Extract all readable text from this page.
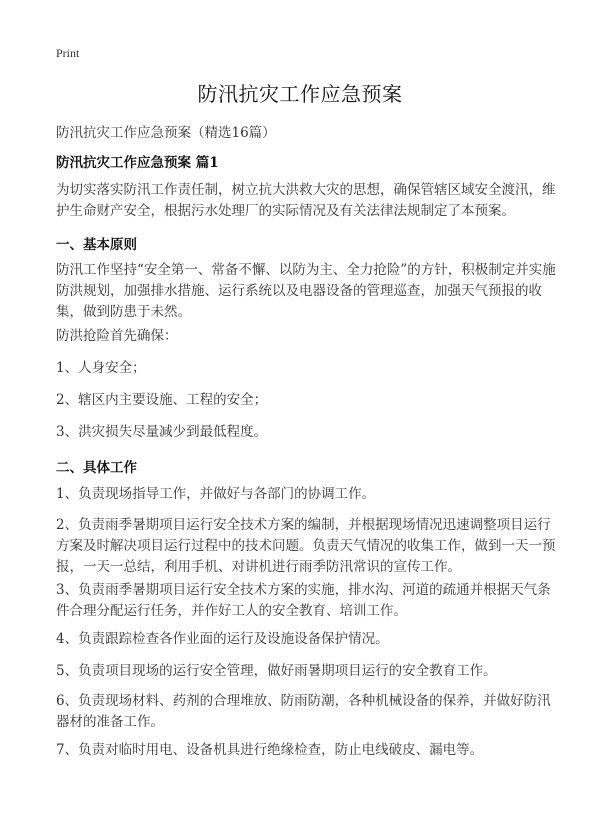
Print
防汛抗灾工作应急预案
防汛抗灾工作应急预案（精选16篇）
防汛抗灾工作应急预案 篇1
为切实落实防汛工作责任制，树立抗大洪救大灾的思想，确保管辖区域安全渡汛，维护生命财产安全，根据污水处理厂的实际情况及有关法律法规制定了本预案。
一、基本原则
防汛工作坚持“安全第一、常备不懈、以防为主、全力抢险”的方针，积极制定并实施防洪规划，加强排水措施、运行系统以及电器设备的管理巡查，加强天气预报的收集，做到防患于未然。
防洪抢险首先确保：
1、人身安全；
2、辖区内主要设施、工程的安全；
3、洪灾损失尽量减少到最低程度。
二、具体工作
1、负责现场指导工作，并做好与各部门的协调工作。
2、负责雨季暑期项目运行安全技术方案的编制，并根据现场情况迅速调整项目运行方案及时解决项目运行过程中的技术问题。负责天气情况的收集工作，做到一天一预报，一天一总结，利用手机、对讲机进行雨季防汛常识的宣传工作。
3、负责雨季暑期项目运行安全技术方案的实施，排水沟、河道的疏通并根据天气条件合理分配运行任务，并作好工人的安全教育、培训工作。
4、负责跟踪检查各作业面的运行及设施设备保护情况。
5、负责项目现场的运行安全管理，做好雨暑期项目运行的安全教育工作。
6、负责现场材料、药剂的合理堆放、防雨防潮，各种机械设备的保养，并做好防汛器材的准备工作。
7、负责对临时用电、设备机具进行绝缘检查，防止电线破皮、漏电等。
